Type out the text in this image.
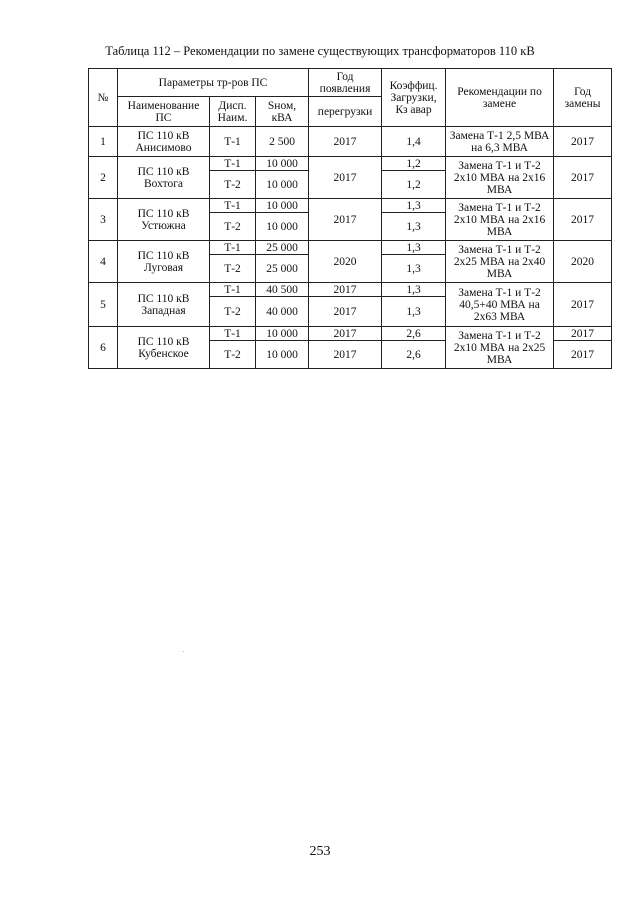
Таблица 112 – Рекомендации по замене существующих трансформаторов 110 кВ
№	Параметры тр-ров ПС			Год появления	Коэффиц. Загрузки, Кз авар	Рекомендации по замене	Год замены
	Наименование ПС	Дисп. Наим.	Sном, кВА	перегрузки			
1	ПС 110 кВ Анисимово	Т-1	2 500	2017	1,4	Замена Т-1 2,5 МВА на 6,3 МВА	2017
2	ПС 110 кВ Вохтога	Т-1	10 000	2017	1,2	Замена Т-1 и Т-2 2х10 МВА на 2х16 МВА	2017
		Т-2	10 000		1,2		
3	ПС 110 кВ Устюжна	Т-1	10 000	2017	1,3	Замена Т-1 и Т-2 2х10 МВА на 2х16 МВА	2017
		Т-2	10 000		1,3		
4	ПС 110 кВ Луговая	Т-1	25 000	2020	1,3	Замена Т-1 и Т-2 2х25 МВА на 2х40 МВА	2020
		Т-2	25 000		1,3		
5	ПС 110 кВ Западная	Т-1	40 500	2017	1,3	Замена Т-1 и Т-2 40,5+40 МВА на 2х63 МВА	2017
		Т-2	40 000	2017	1,3		
6	ПС 110 кВ Кубенское	Т-1	10 000	2017	2,6	Замена Т-1 и Т-2 2х10 МВА на 2х25 МВА	2017
		Т-2	10 000	2017	2,6		2017
253
